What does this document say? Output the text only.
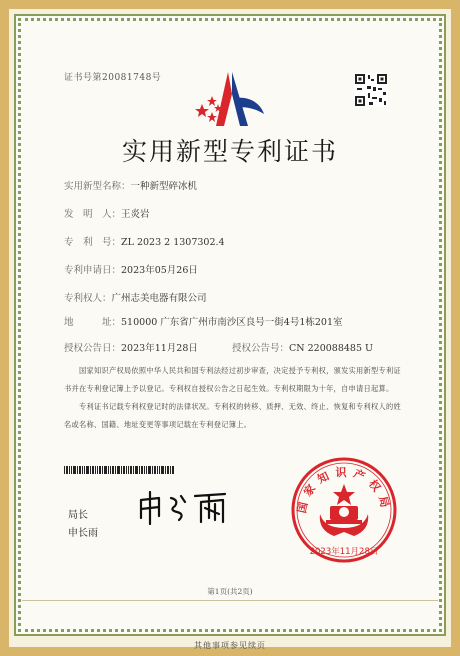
证书号第20081748号
实用新型专利证书
实用新型名称：一种新型碎冰机
发　明　人：王炎岩
专　利　号：ZL 2023 2 1307302.4
专利申请日：2023年05月26日
专利权人：广州志美电器有限公司
地　　　址：510000 广东省广州市南沙区良号一街4号1栋201室
授权公告日：2023年11月28日	授权公告号：CN 220088485 U

国家知识产权局依照中华人民共和国专利法经过初步审查，决定授予专利权，颁发实用新型专利证书并在专利登记簿上予以登记。专利权自授权公告之日起生效。专利权期限为十年，自申请日起算。

专利证书记载专利权登记时的法律状况。专利权的转移、质押、无效、终止、恢复和专利权人的姓名或名称、国籍、地址变更等事项记载在专利登记簿上。

局长
申长雨
国家知识产权局
2023年11月28日
第1页(共2页)
其他事项参见续页
